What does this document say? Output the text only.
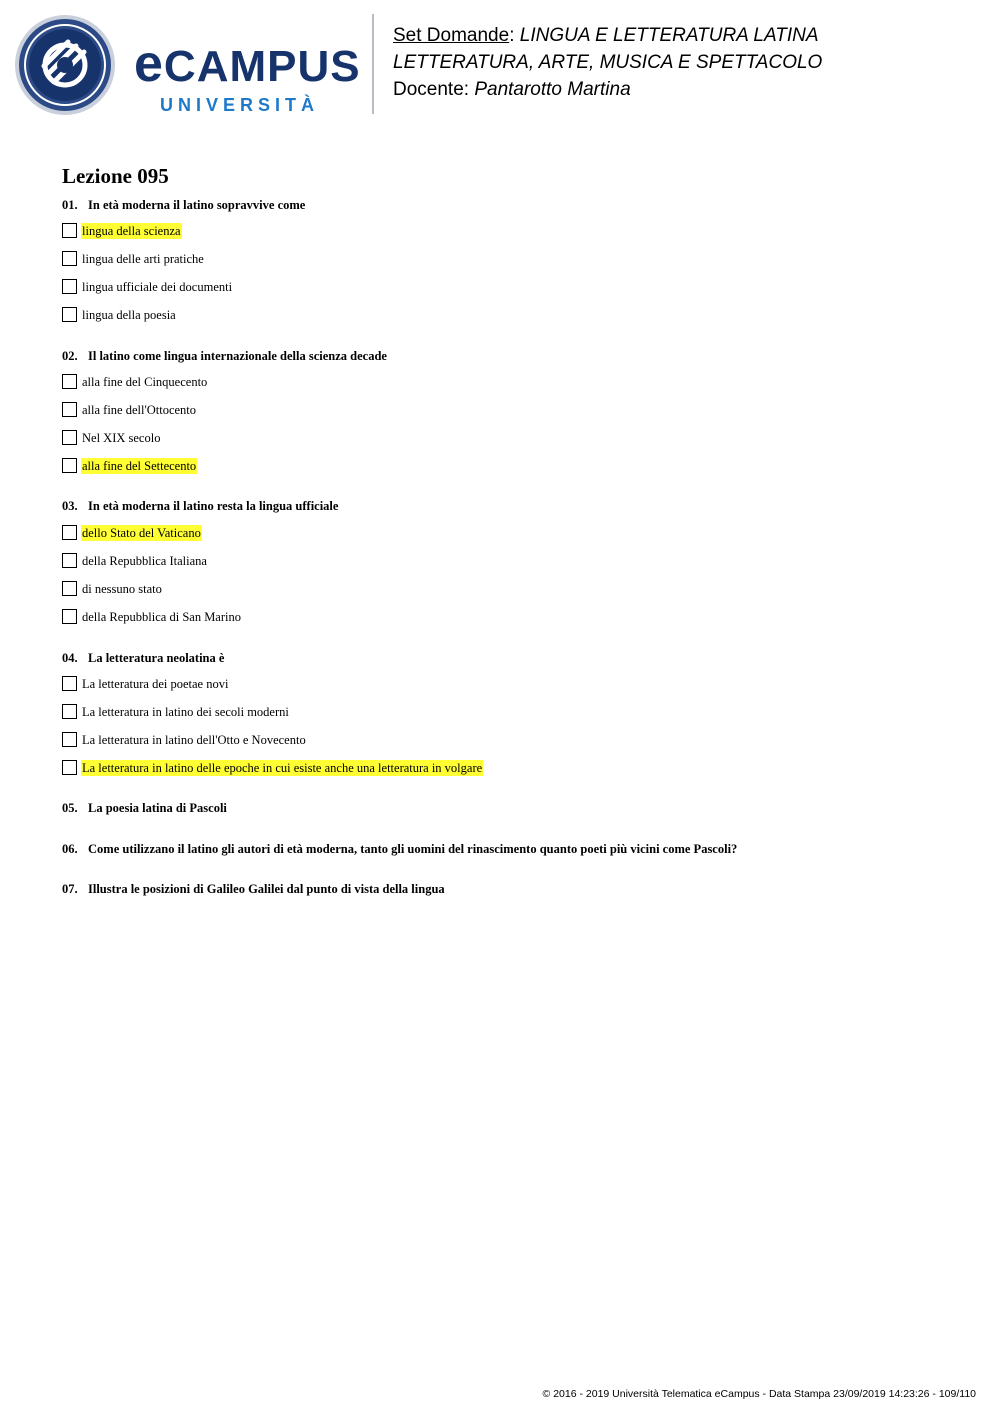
eCAMPUS
UNIVERSITÀ
Set Domande: LINGUA E LETTERATURA LATINA
LETTERATURA, ARTE, MUSICA E SPETTACOLO
Docente: Pantarotto Martina
Lezione 095
01. In età moderna il latino sopravvive come
lingua della scienza
lingua delle arti pratiche
lingua ufficiale dei documenti
lingua della poesia
02. Il latino come lingua internazionale della scienza decade
alla fine del Cinquecento
alla fine dell'Ottocento
Nel XIX secolo
alla fine del Settecento
03. In età moderna il latino resta la lingua ufficiale
dello Stato del Vaticano
della Repubblica Italiana
di nessuno stato
della Repubblica di San Marino
04. La letteratura neolatina è
La letteratura dei poetae novi
La letteratura in latino dei secoli moderni
La letteratura in latino dell'Otto e Novecento
La letteratura in latino delle epoche in cui esiste anche una letteratura in volgare
05. La poesia latina di Pascoli
06. Come utilizzano il latino gli autori di età moderna, tanto gli uomini del rinascimento quanto poeti più vicini come Pascoli?
07. Illustra le posizioni di Galileo Galilei dal punto di vista della lingua
© 2016 - 2019 Università Telematica eCampus - Data Stampa 23/09/2019 14:23:26 - 109/110
